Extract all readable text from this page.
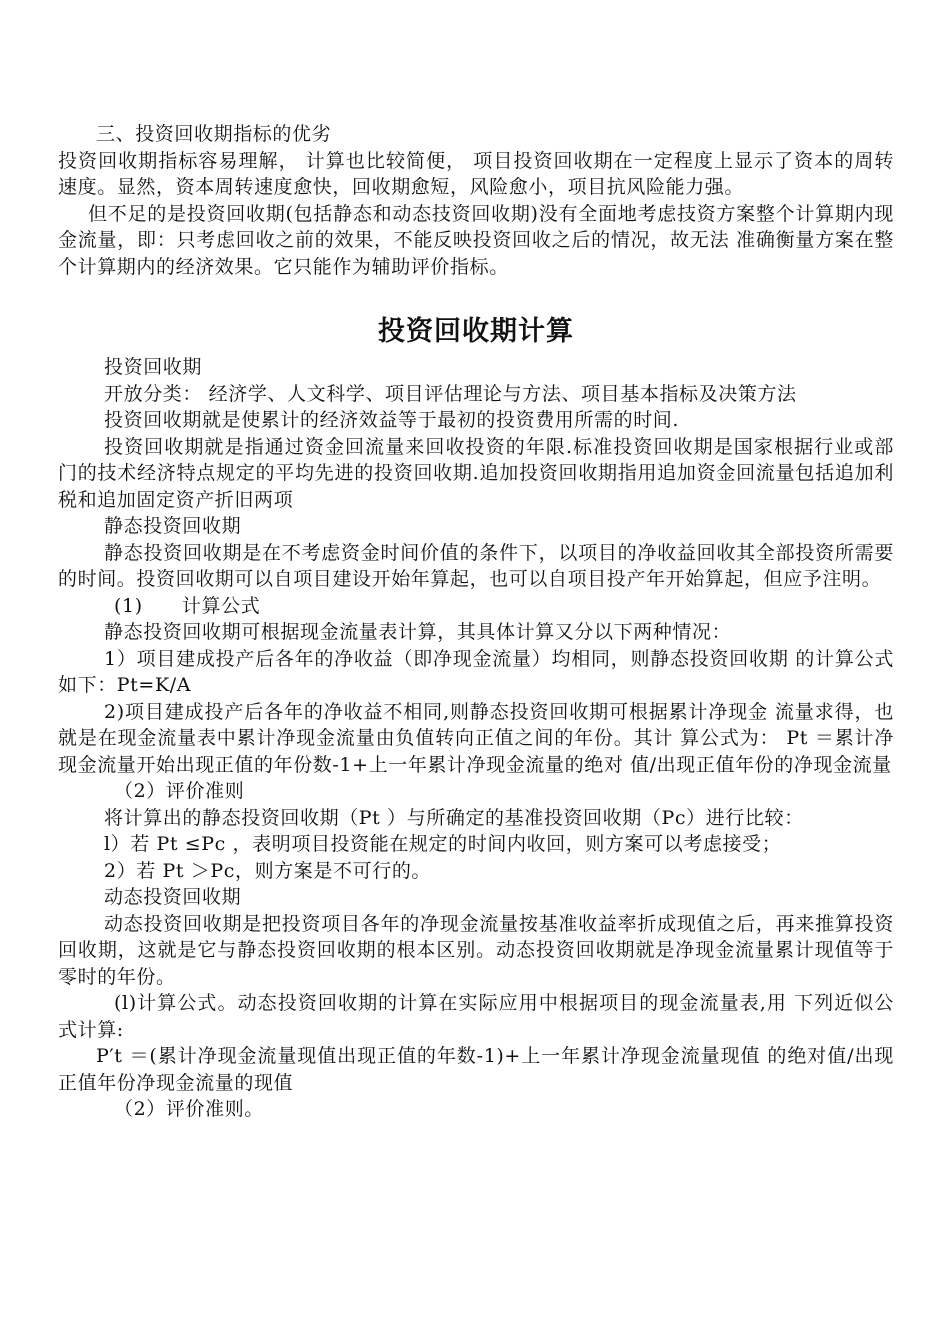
三、投资回收期指标的优劣

投资回收期指标容易理解， 计算也比较简便， 项目投资回收期在一定程度上显示了资本的周转速度。显然，资本周转速度愈快，回收期愈短，风险愈小，项目抗风险能力强。

但不足的是投资回收期(包括静态和动态技资回收期)没有全面地考虑技资方案整个计算期内现金流量，即：只考虑回收之前的效果，不能反映投资回收之后的情况，故无法 准确衡量方案在整个计算期内的经济效果。它只能作为辅助评价指标。

投资回收期计算

投资回收期

开放分类： 经济学、人文科学、项目评估理论与方法、项目基本指标及决策方法

投资回收期就是使累计的经济效益等于最初的投资费用所需的时间.

投资回收期就是指通过资金回流量来回收投资的年限.标准投资回收期是国家根据行业或部门的技术经济特点规定的平均先进的投资回收期.追加投资回收期指用追加资金回流量包括追加利税和追加固定资产折旧两项

静态投资回收期

静态投资回收期是在不考虑资金时间价值的条件下，以项目的净收益回收其全部投资所需要的时间。投资回收期可以自项目建设开始年算起，也可以自项目投产年开始算起，但应予注明。

(1)　　计算公式

静态投资回收期可根据现金流量表计算，其具体计算又分以下两种情况：

1）项目建成投产后各年的净收益（即净现金流量）均相同，则静态投资回收期 的计算公式如下：Pt=K/A

2)项目建成投产后各年的净收益不相同,则静态投资回收期可根据累计净现金 流量求得，也就是在现金流量表中累计净现金流量由负值转向正值之间的年份。其计 算公式为： Pt ＝累计净现金流量开始出现正值的年份数-1+上一年累计净现金流量的绝对 值/出现正值年份的净现金流量

（2）评价准则

将计算出的静态投资回收期（Pt ）与所确定的基准投资回收期（Pc）进行比较：

l）若 Pt ≤Pc ，表明项目投资能在规定的时间内收回，则方案可以考虑接受；

2）若 Pt ＞Pc，则方案是不可行的。

动态投资回收期

动态投资回收期是把投资项目各年的净现金流量按基准收益率折成现值之后，再来推算投资回收期，这就是它与静态投资回收期的根本区别。动态投资回收期就是净现金流量累计现值等于零时的年份。

(l)计算公式。动态投资回收期的计算在实际应用中根据项目的现金流量表,用 下列近似公式计算:

P′t ＝(累计净现金流量现值出现正值的年数-1)+上一年累计净现金流量现值 的绝对值/出现正值年份净现金流量的现值

（2）评价准则。
